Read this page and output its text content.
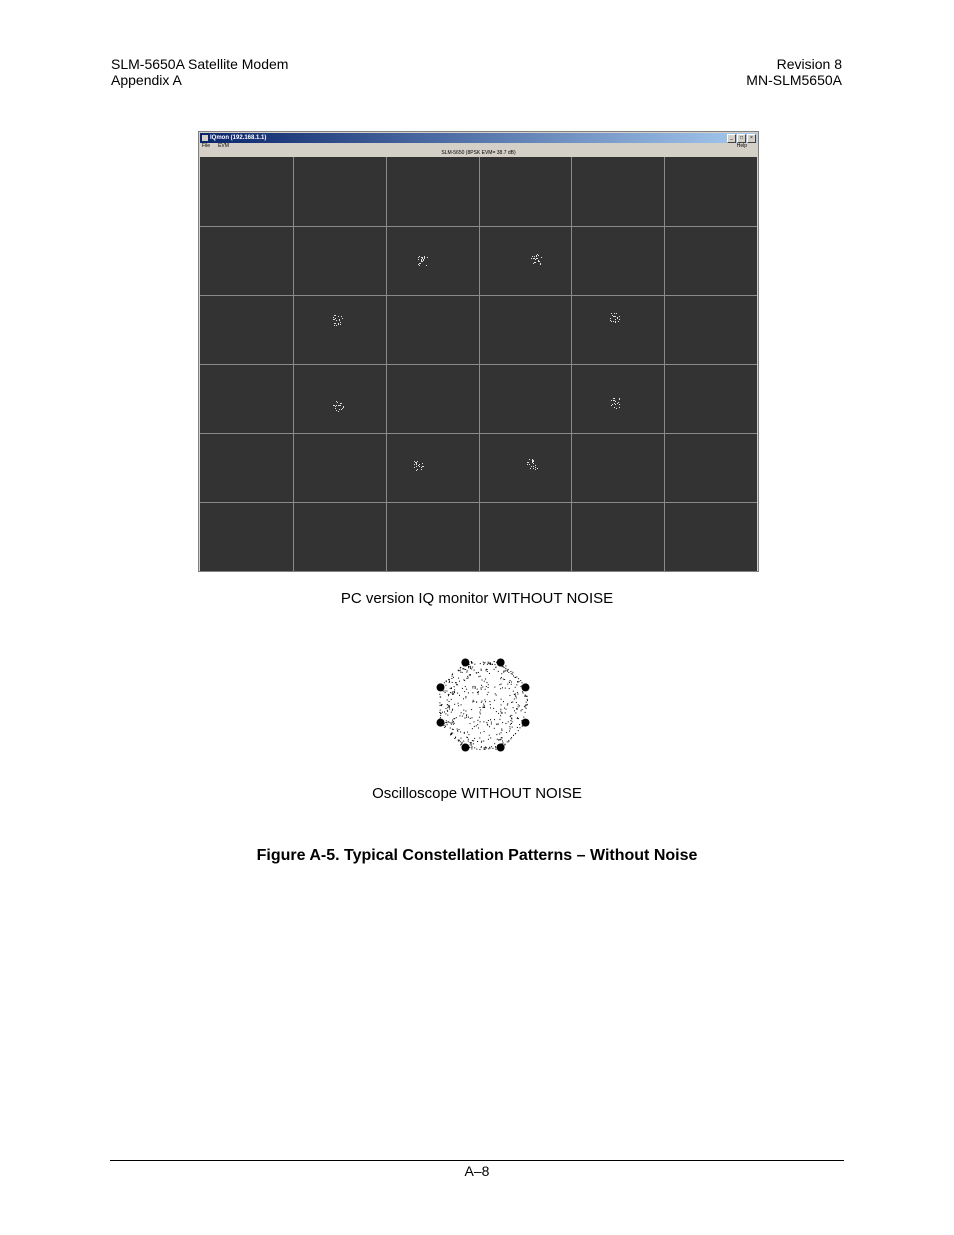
SLM-5650A Satellite Modem
Appendix A
Revision 8
MN-SLM5650A
IQmon (192.168.1.1)	_	□	×
File EVM	Help
SLM-5650 (8PSK EVM= 38.7 dB)
PC version IQ monitor WITHOUT NOISE
Oscilloscope WITHOUT NOISE
Figure A-5. Typical Constellation Patterns – Without Noise
A–8
